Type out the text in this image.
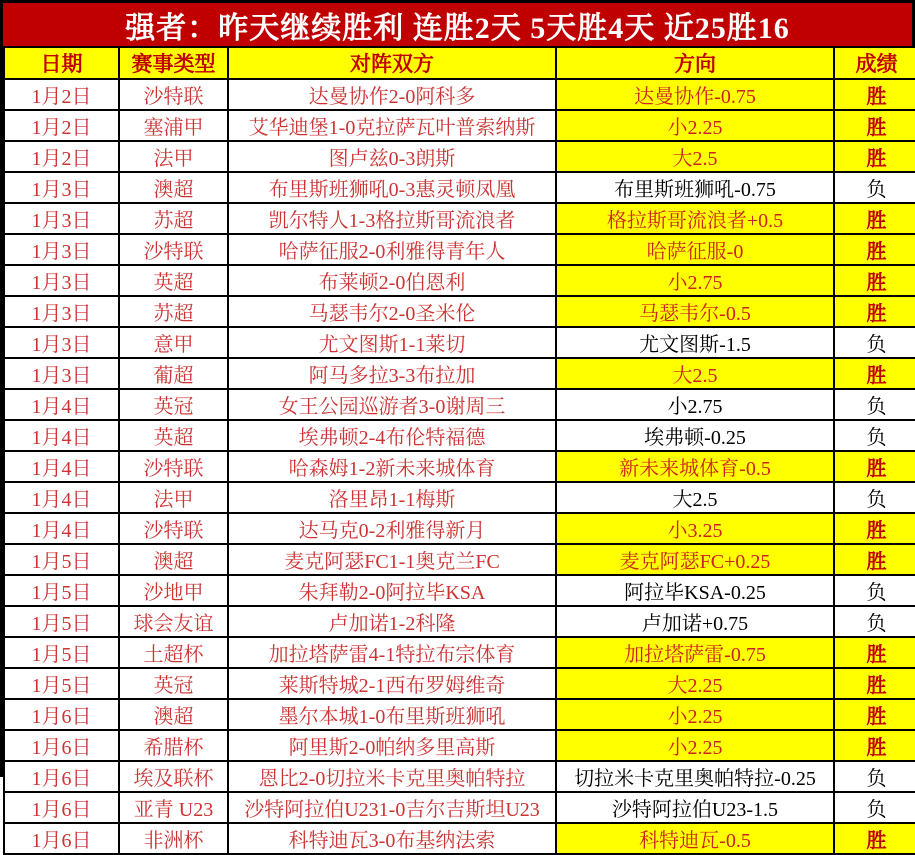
强者：昨天继续胜利 连胜2天 5天胜4天 近25胜16
日期	赛事类型	对阵双方	方向	成绩
1月2日	沙特联	达曼协作2-0阿科多	达曼协作-0.75	胜
1月2日	塞浦甲	艾华迪堡1-0克拉萨瓦叶普索纳斯	小2.25	胜
1月2日	法甲	图卢兹0-3朗斯	大2.5	胜
1月3日	澳超	布里斯班狮吼0-3惠灵顿凤凰	布里斯班狮吼-0.75	负
1月3日	苏超	凯尔特人1-3格拉斯哥流浪者	格拉斯哥流浪者+0.5	胜
1月3日	沙特联	哈萨征服2-0利雅得青年人	哈萨征服-0	胜
1月3日	英超	布莱顿2-0伯恩利	小2.75	胜
1月3日	苏超	马瑟韦尔2-0圣米伦	马瑟韦尔-0.5	胜
1月3日	意甲	尤文图斯1-1莱切	尤文图斯-1.5	负
1月3日	葡超	阿马多拉3-3布拉加	大2.5	胜
1月4日	英冠	女王公园巡游者3-0谢周三	小2.75	负
1月4日	英超	埃弗顿2-4布伦特福德	埃弗顿-0.25	负
1月4日	沙特联	哈森姆1-2新未来城体育	新未来城体育-0.5	胜
1月4日	法甲	洛里昂1-1梅斯	大2.5	负
1月4日	沙特联	达马克0-2利雅得新月	小3.25	胜
1月5日	澳超	麦克阿瑟FC1-1奥克兰FC	麦克阿瑟FC+0.25	胜
1月5日	沙地甲	朱拜勒2-0阿拉毕KSA	阿拉毕KSA-0.25	负
1月5日	球会友谊	卢加诺1-2科隆	卢加诺+0.75	负
1月5日	土超杯	加拉塔萨雷4-1特拉布宗体育	加拉塔萨雷-0.75	胜
1月5日	英冠	莱斯特城2-1西布罗姆维奇	大2.25	胜
1月6日	澳超	墨尔本城1-0布里斯班狮吼	小2.25	胜
1月6日	希腊杯	阿里斯2-0帕纳多里高斯	小2.25	胜
1月6日	埃及联杯	恩比2-0切拉米卡克里奥帕特拉	切拉米卡克里奥帕特拉-0.25	负
1月6日	亚青 U23	沙特阿拉伯U231-0吉尔吉斯坦U23	沙特阿拉伯U23-1.5	负
1月6日	非洲杯	科特迪瓦3-0布基纳法索	科特迪瓦-0.5	胜
